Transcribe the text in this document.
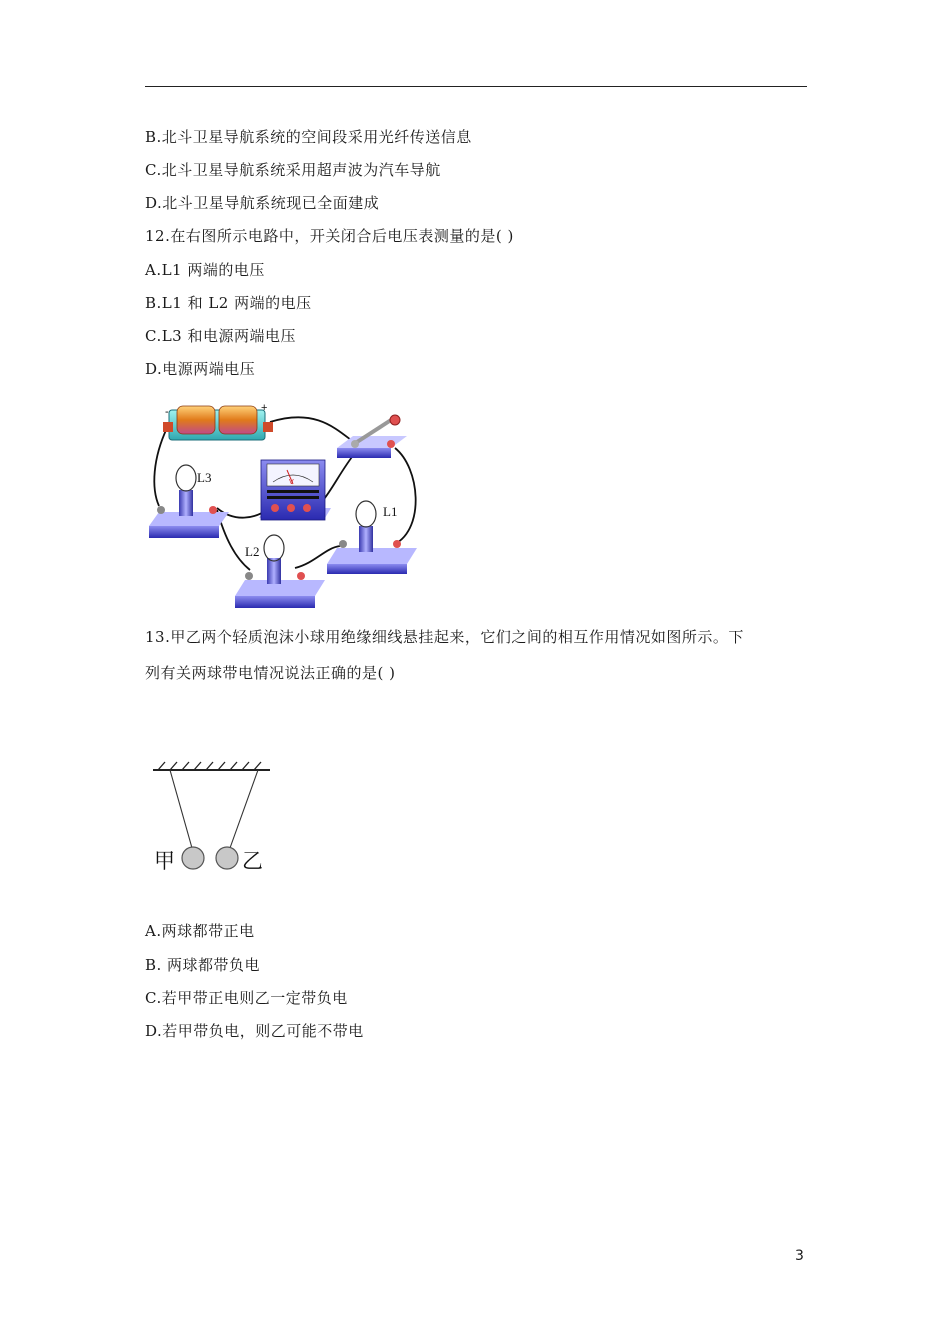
B.北斗卫星导航系统的空间段采用光纤传送信息
C.北斗卫星导航系统采用超声波为汽车导航
D.北斗卫星导航系统现已全面建成
12.在右图所示电路中，开关闭合后电压表测量的是( )
A.L1 两端的电压
B.L1 和 L2 两端的电压
C.L3 和电源两端电压
D.电源两端电压
-	+
V
L3
L2
L1
13.甲乙两个轻质泡沫小球用绝缘细线悬挂起来，它们之间的相互作用情况如图所示。下
列有关两球带电情况说法正确的是( )
甲	乙
A.两球都带正电
B. 两球都带负电
C.若甲带正电则乙一定带负电
D.若甲带负电，则乙可能不带电
3
